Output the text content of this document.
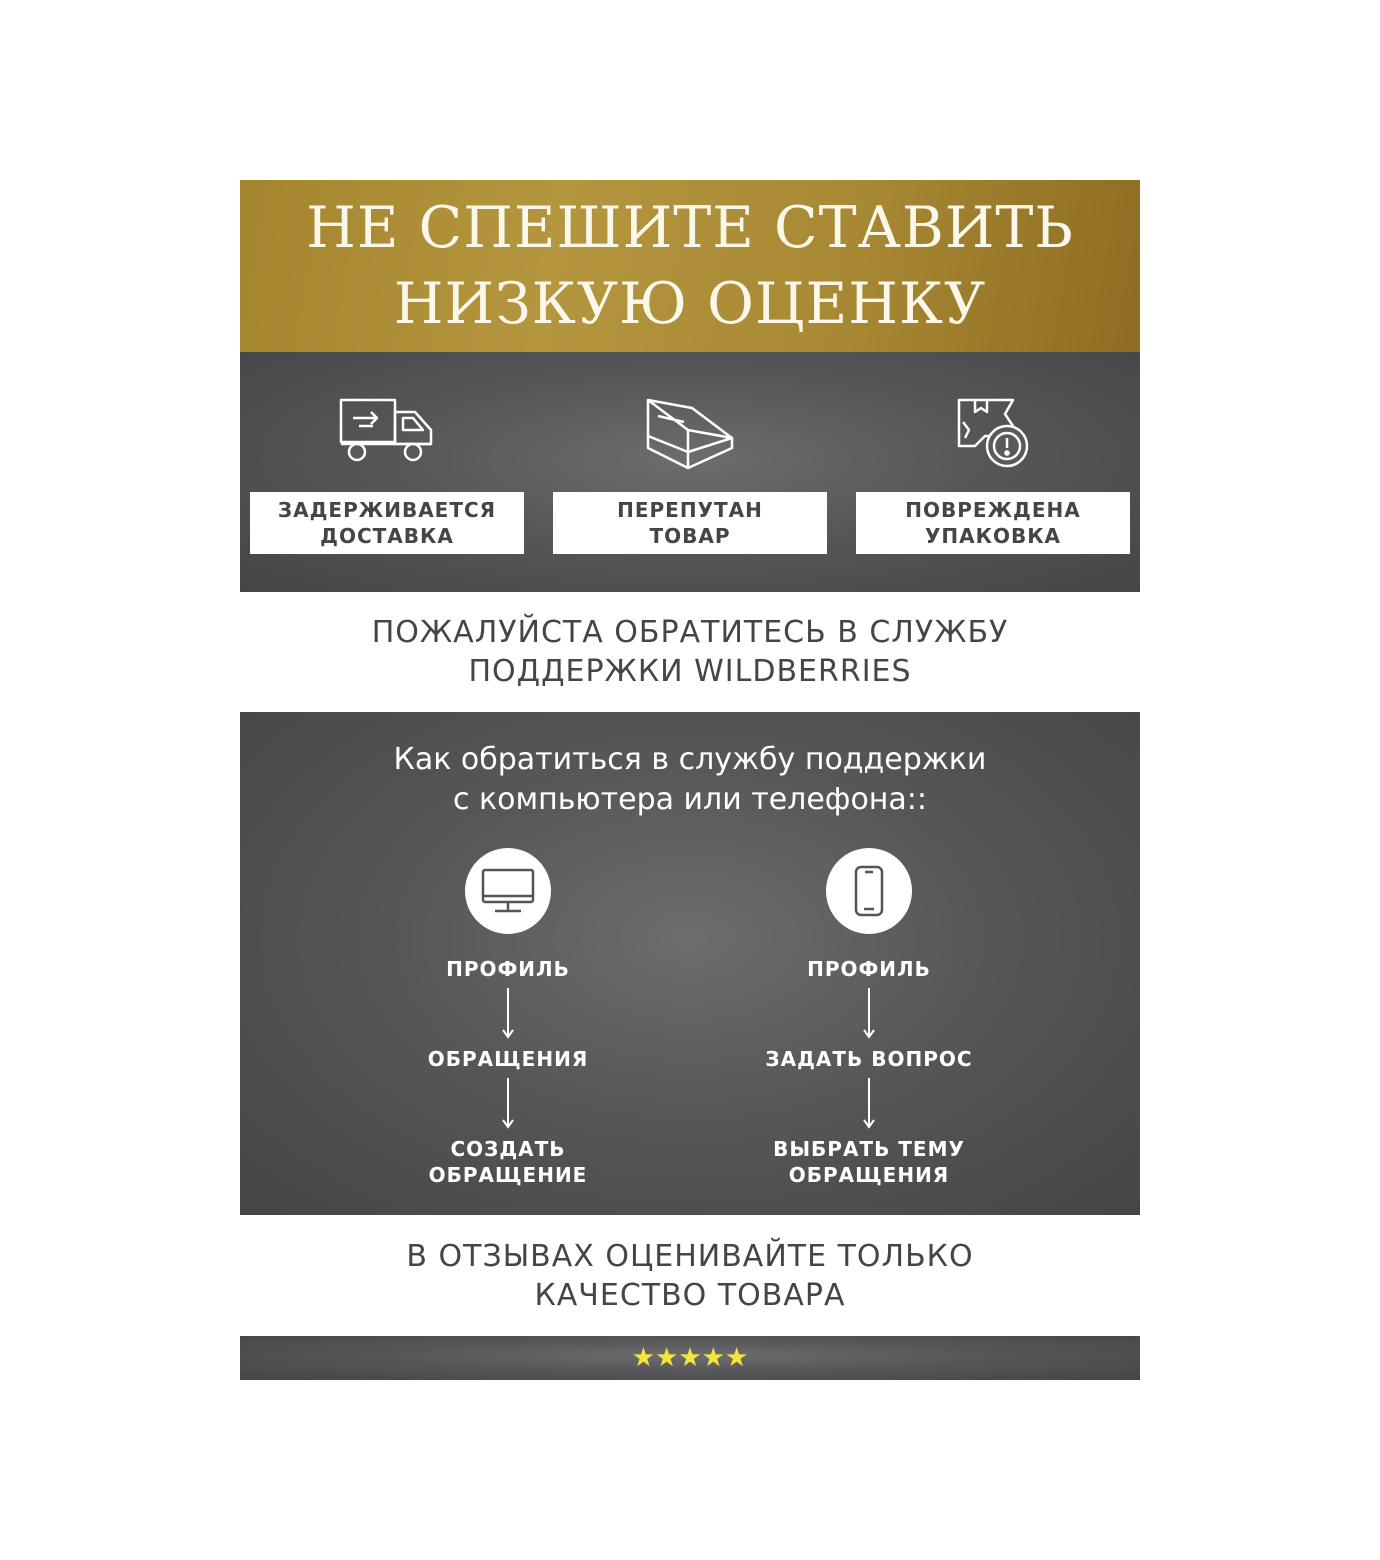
НЕ СПЕШИТЕ СТАВИТЬ
НИЗКУЮ ОЦЕНКУ
ЗАДЕРЖИВАЕТСЯ
ДОСТАВКА
ПЕРЕПУТАН
ТОВАР
ПОВРЕЖДЕНА
УПАКОВКА
ПОЖАЛУЙСТА ОБРАТИТЕСЬ В СЛУЖБУ
ПОДДЕРЖКИ WILDBERRIES
Как обратиться в службу поддержки
с компьютера или телефона::
ПРОФИЛЬ
ОБРАЩЕНИЯ
СОЗДАТЬ
ОБРАЩЕНИЕ
ПРОФИЛЬ
ЗАДАТЬ ВОПРОС
ВЫБРАТЬ ТЕМУ
ОБРАЩЕНИЯ
В ОТЗЫВАХ ОЦЕНИВАЙТЕ ТОЛЬКО
КАЧЕСТВО ТОВАРА
★★★★★
